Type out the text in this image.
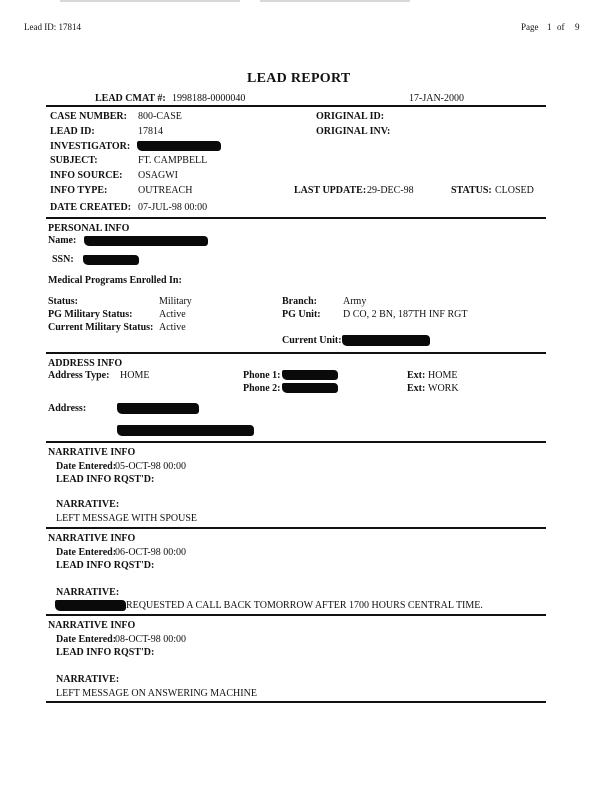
Lead ID: 17814	Page 1 of 9
LEAD REPORT
LEAD CMAT #: 1998188-0000040	17-JAN-2000
CASE NUMBER: 800-CASE	ORIGINAL ID:
LEAD ID:	17814	ORIGINAL INV:
INVESTIGATOR:
SUBJECT:	FT. CAMPBELL
INFO SOURCE: OSAGWI
INFO TYPE:	OUTREACH	LAST UPDATE: 29-DEC-98	STATUS: CLOSED
DATE CREATED: 07-JUL-98 00:00
PERSONAL INFO
Name:
SSN:
Medical Programs Enrolled In:
Status:	Military	Branch:	Army
PG Military Status:	Active	PG Unit: D CO, 2 BN, 187TH INF RGT
Current Military Status: Active
Current Unit:
ADDRESS INFO
Address Type: HOME	Phone 1:	Ext: HOME
Phone 2:	Ext: WORK
Address:
NARRATIVE INFO
Date Entered:
05-OCT-98 00:00
LEAD INFO RQST'D:
NARRATIVE:
LEFT MESSAGE WITH SPOUSE
NARRATIVE INFO
Date Entered:
06-OCT-98 00:00
LEAD INFO RQST'D:
NARRATIVE:
REQUESTED A CALL BACK TOMORROW AFTER 1700 HOURS CENTRAL TIME.
NARRATIVE INFO
Date Entered:
08-OCT-98 00:00
LEAD INFO RQST'D:
NARRATIVE:
LEFT MESSAGE ON ANSWERING MACHINE
